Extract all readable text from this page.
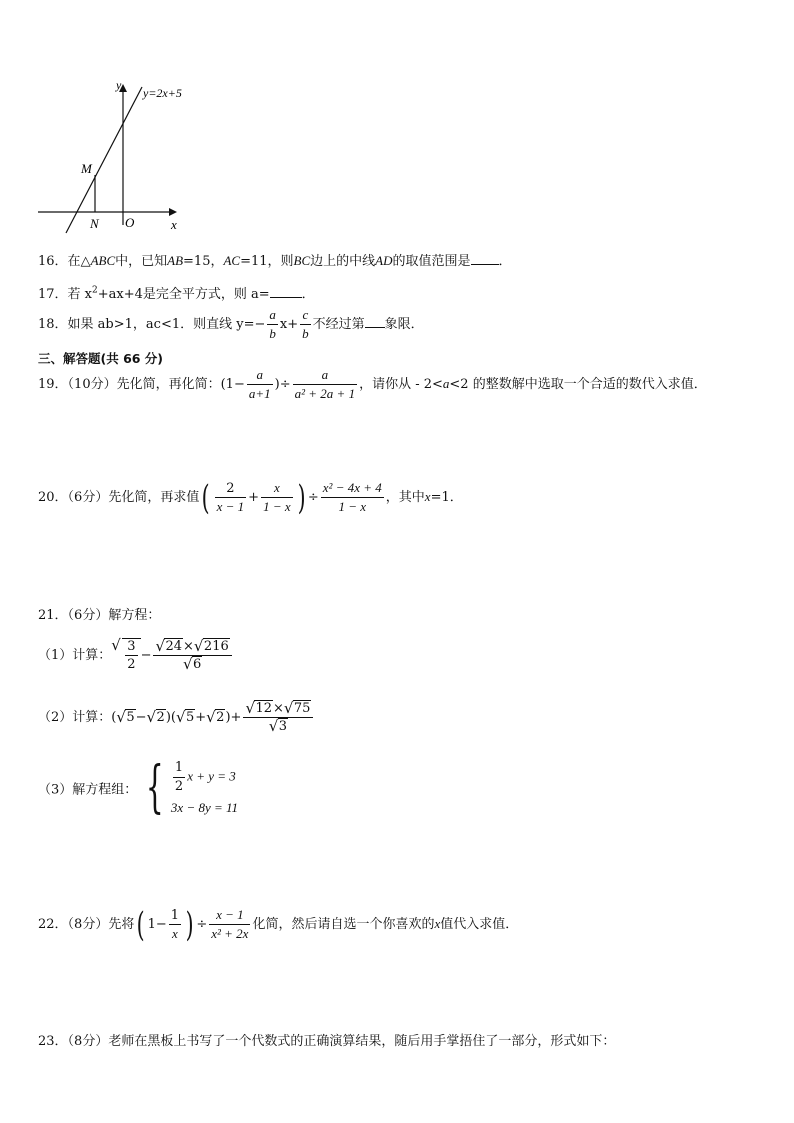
y
x
y=2x+5
M
N O
16．在△ABC中，已知AB=15，AC=11，则BC边上的中线AD的取值范围是 ．
17．若 $x^2+ax+4$是完全平方式，则 a= ．
18．如果 ab>1，ac<1．则直线 $y=- \frac{a}{b} x+ \frac{c}{b}$ 不经过第 象限．
三、解答题(共 66 分)
19．（10分）先化简，再化简：($1- \frac{a}{a+1}$ )÷ $\frac{a}{\text{a² + 2a + 1}}$ ，请你从 - 2<a<2 的整数解中选取一个合适的数代入求值．
20．（6分）先化简，再求值( $\frac{2}{x - 1} + \frac{x}{1 - x}$ ) ÷ $\frac{\text{x² − 4x + 4}}{1 - x}$ ，其中x=1．
21．（6分）解方程：
（1）计算： √ $\frac{3}{2}$ − √ 24× √ 216
√ 6
（2）计算：( √ 5− √ 2)( √ 5+ √ 2)+ √ 12× √ 75
√ 3
（3）解方程组： { $\frac{1}{2}$ x + y = 3
3x − 8y = 11
22．（8分）先将( $1- \frac{1}{x}$ ) ÷ $\frac{x - 1}{\text{x² + 2x}}$ 化简，然后请自选一个你喜欢的x值代入求值．
23．（8分）老师在黑板上书写了一个代数式的正确演算结果，随后用手掌捂住了一部分，形式如下：
